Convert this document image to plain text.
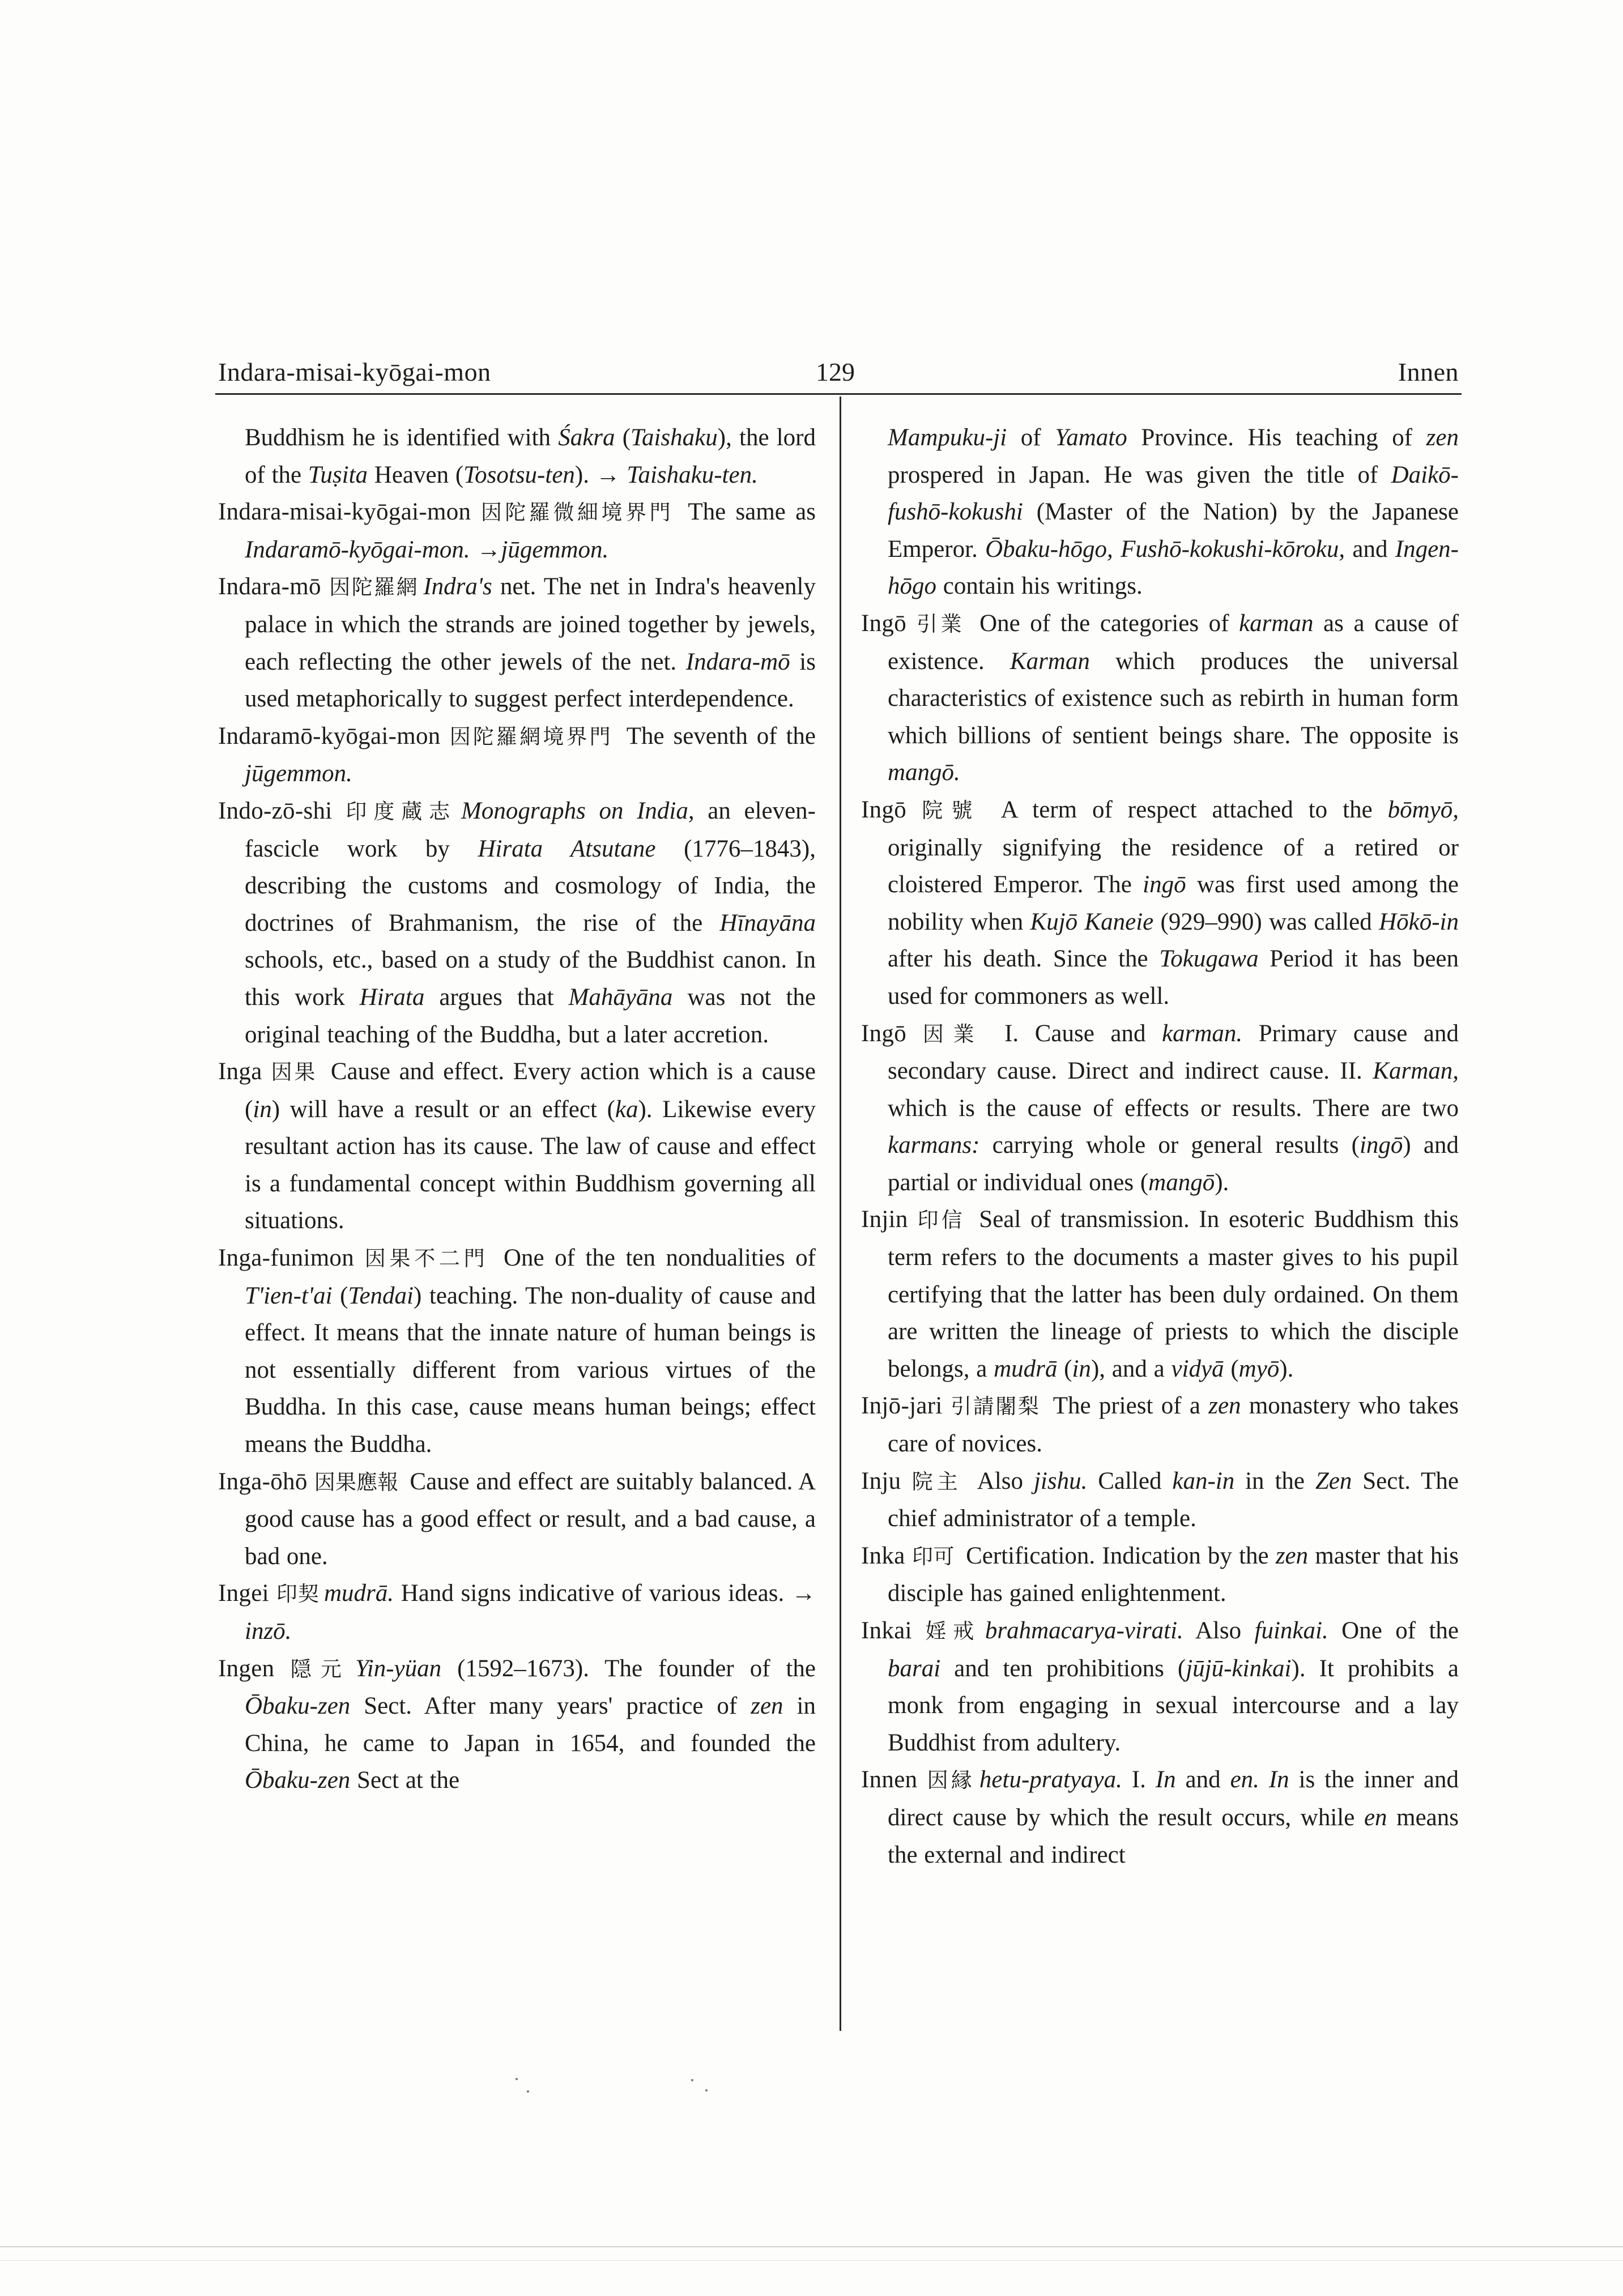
Indara-misai-kyōgai-mon	129	Innen

Buddhism he is identified with Śakra (Taishaku), the lord of the Tuṣita Heaven (Tosotsu-ten). → Taishaku-ten.

Indara-misai-kyōgai-mon 因陀羅微細境界門 The same as Indaramō-kyōgai-mon. →jūgemmon.

Indara-mō 因陀羅網 Indra's net. The net in Indra's heavenly palace in which the strands are joined together by jewels, each reflecting the other jewels of the net. Indara-mō is used metaphorically to suggest perfect interdependence.

Indaramō-kyōgai-mon 因陀羅網境界門 The seventh of the jūgemmon.

Indo-zō-shi 印度蔵志 Monographs on India, an eleven-fascicle work by Hirata Atsutane (1776–1843), describing the customs and cosmology of India, the doctrines of Brahmanism, the rise of the Hīnayāna schools, etc., based on a study of the Buddhist canon. In this work Hirata argues that Mahāyāna was not the original teaching of the Buddha, but a later accretion.

Inga 因果 Cause and effect. Every action which is a cause (in) will have a result or an effect (ka). Likewise every resultant action has its cause. The law of cause and effect is a fundamental concept within Buddhism governing all situations.

Inga-funimon 因果不二門 One of the ten nondualities of T'ien-t'ai (Tendai) teaching. The non-duality of cause and effect. It means that the innate nature of human beings is not essentially different from various virtues of the Buddha. In this case, cause means human beings; effect means the Buddha.

Inga-ōhō 因果應報 Cause and effect are suitably balanced. A good cause has a good effect or result, and a bad cause, a bad one.

Ingei 印契 mudrā. Hand signs indicative of various ideas. → inzō.

Ingen 隠元 Yin-yüan (1592–1673). The founder of the Ōbaku-zen Sect. After many years' practice of zen in China, he came to Japan in 1654, and founded the Ōbaku-zen Sect at the

Mampuku-ji of Yamato Province. His teaching of zen prospered in Japan. He was given the title of Daikō-fushō-kokushi (Master of the Nation) by the Japanese Emperor. Ōbaku-hōgo, Fushō-kokushi-kōroku, and Ingen-hōgo contain his writings.

Ingō 引業 One of the categories of karman as a cause of existence. Karman which produces the universal characteristics of existence such as rebirth in human form which billions of sentient beings share. The opposite is mangō.

Ingō 院號 A term of respect attached to the bōmyō, originally signifying the residence of a retired or cloistered Emperor. The ingō was first used among the nobility when Kujō Kaneie (929–990) was called Hōkō-in after his death. Since the Tokugawa Period it has been used for commoners as well.

Ingō 因業 I. Cause and karman. Primary cause and secondary cause. Direct and indirect cause. II. Karman, which is the cause of effects or results. There are two karmans: carrying whole or general results (ingō) and partial or individual ones (mangō).

Injin 印信 Seal of transmission. In esoteric Buddhism this term refers to the documents a master gives to his pupil certifying that the latter has been duly ordained. On them are written the lineage of priests to which the disciple belongs, a mudrā (in), and a vidyā (myō).

Injō-jari 引請闍梨 The priest of a zen monastery who takes care of novices.

Inju 院主 Also jishu. Called kan-in in the Zen Sect. The chief administrator of a temple.

Inka 印可 Certification. Indication by the zen master that his disciple has gained enlightenment.

Inkai 婬戒 brahmacarya-virati. Also fuinkai. One of the barai and ten prohibitions (jūjū-kinkai). It prohibits a monk from engaging in sexual intercourse and a lay Buddhist from adultery.

Innen 因縁 hetu-pratyaya. I. In and en. In is the inner and direct cause by which the result occurs, while en means the external and indirect
